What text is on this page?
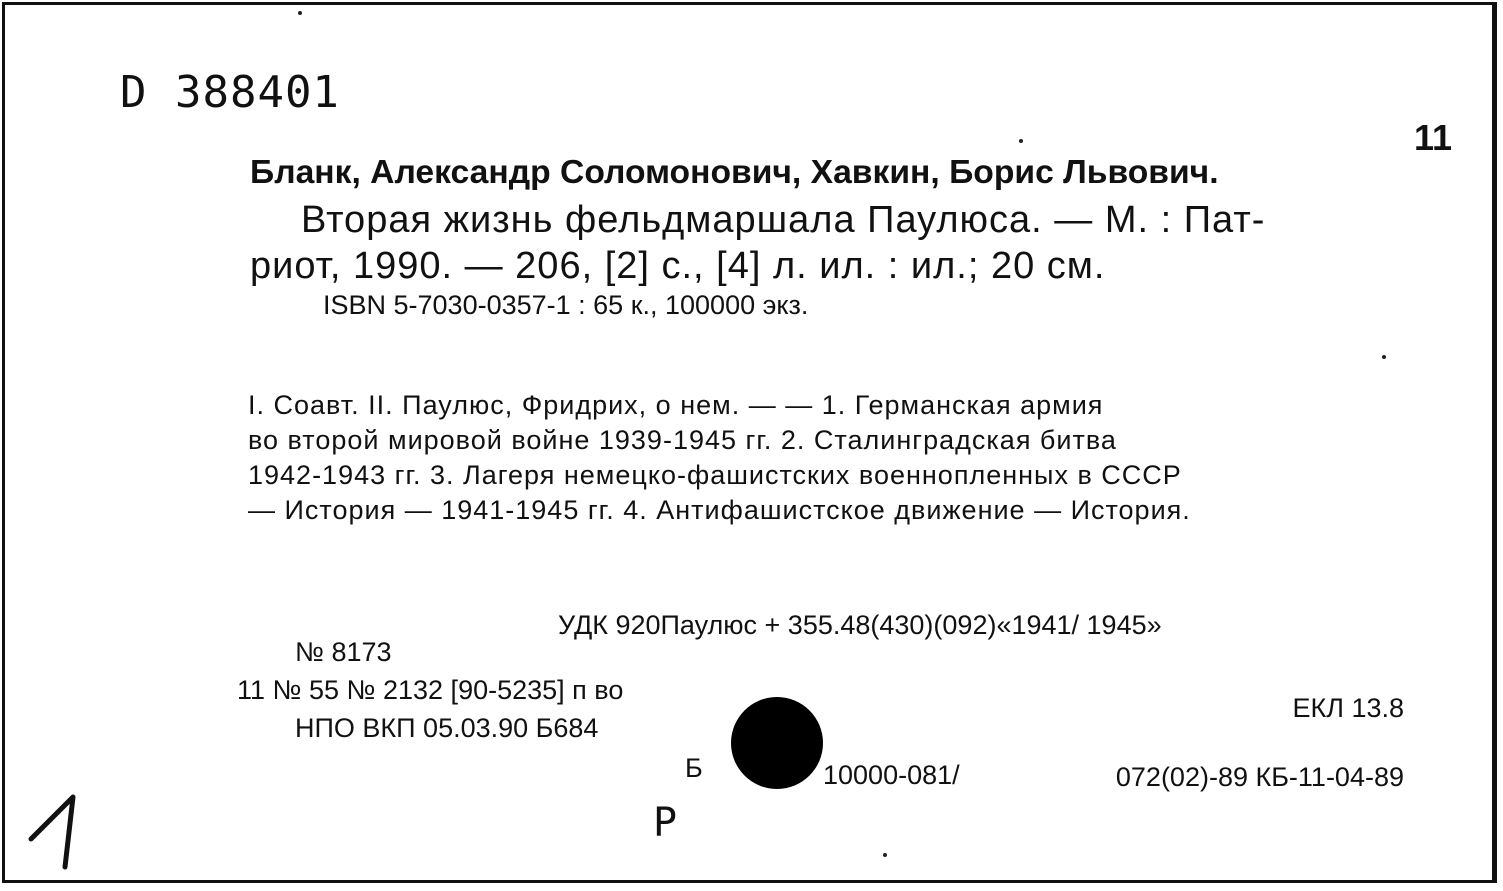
D 388401
11
Бланк, Александр Соломонович, Хавкин, Борис Львович.
Вторая жизнь фельдмаршала Паулюса. — М. : Пат-
риот, 1990. — 206, [2] с., [4] л. ил. : ил.; 20 см.
ISBN 5-7030-0357-1 : 65 к., 100000 экз.
I. Соавт. II. Паулюс, Фридрих, о нем. — — 1. Германская армия
во второй мировой войне 1939-1945 гг. 2. Сталинградская битва
1942-1943 гг. 3. Лагеря немецко-фашистских военнопленных в СССР
— История — 1941-1945 гг. 4. Антифашистское движение — История.
УДК 920Паулюс + 355.48(430)(092)«1941/ 1945»
№ 8173
11 № 55 № 2132 [90-5235] п во
НПО ВКП 05.03.90 Б684
ЕКЛ 13.8
Б	10000-081/	072(02)-89 КБ-11-04-89
Р
